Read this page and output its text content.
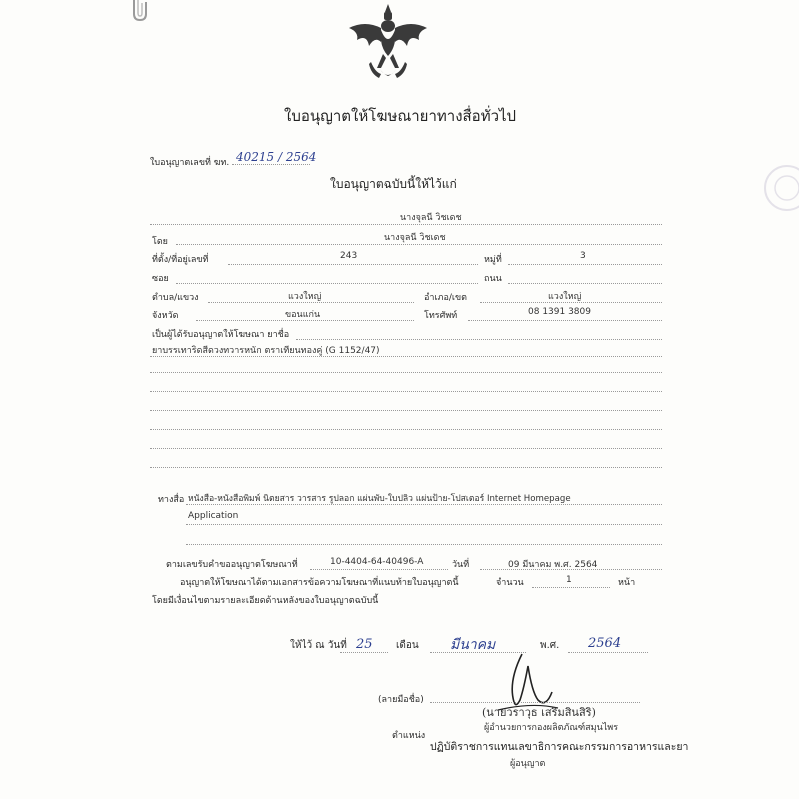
ใบอนุญาตให้โฆษณายาทางสื่อทั่วไป
ใบอนุญาตเลขที่ ฆท. 40215 / 2564
ใบอนุญาตฉบับนี้ให้ไว้แก่
นางจุลนี วิชเดช
โดย	นางจุลนี วิชเดช
ที่ตั้ง/ที่อยู่เลขที่	243	หมู่ที่	3
ซอย	ถนน
ตำบล/แขวง	แวงใหญ่	อำเภอ/เขต	แวงใหญ่
จังหวัด	ขอนแก่น	โทรศัพท์	08 1391 3809
เป็นผู้ได้รับอนุญาตให้โฆษณา ยาชื่อ
ยาบรรเทาริดสีดวงทวารหนัก ตราเทียนทองคู่ (G 1152/47)
ทางสื่อ หนังสือ-หนังสือพิมพ์ นิตยสาร วารสาร รูปลอก แผ่นพับ-ใบปลิว แผ่นป้าย-โปสเตอร์ Internet Homepage
Application
ตามเลขรับคำขออนุญาตโฆษณาที่	10-4404-64-40496-A	วันที่	09 มีนาคม พ.ศ. 2564
อนุญาตให้โฆษณาได้ตามเอกสารข้อความโฆษณาที่แนบท้ายใบอนุญาตนี้	จำนวน	1	หน้า
โดยมีเงื่อนไขตามรายละเอียดด้านหลังของใบอนุญาตฉบับนี้
ให้ไว้ ณ วันที่ 25 เดือน มีนาคม	พ.ศ. 2564
(ลายมือชื่อ)
(นายวราวุธ เสริมสินสิริ)
ผู้อำนวยการกองผลิตภัณฑ์สมุนไพร
ตำแหน่ง
ปฏิบัติราชการแทนเลขาธิการคณะกรรมการอาหารและยา
ผู้อนุญาต
